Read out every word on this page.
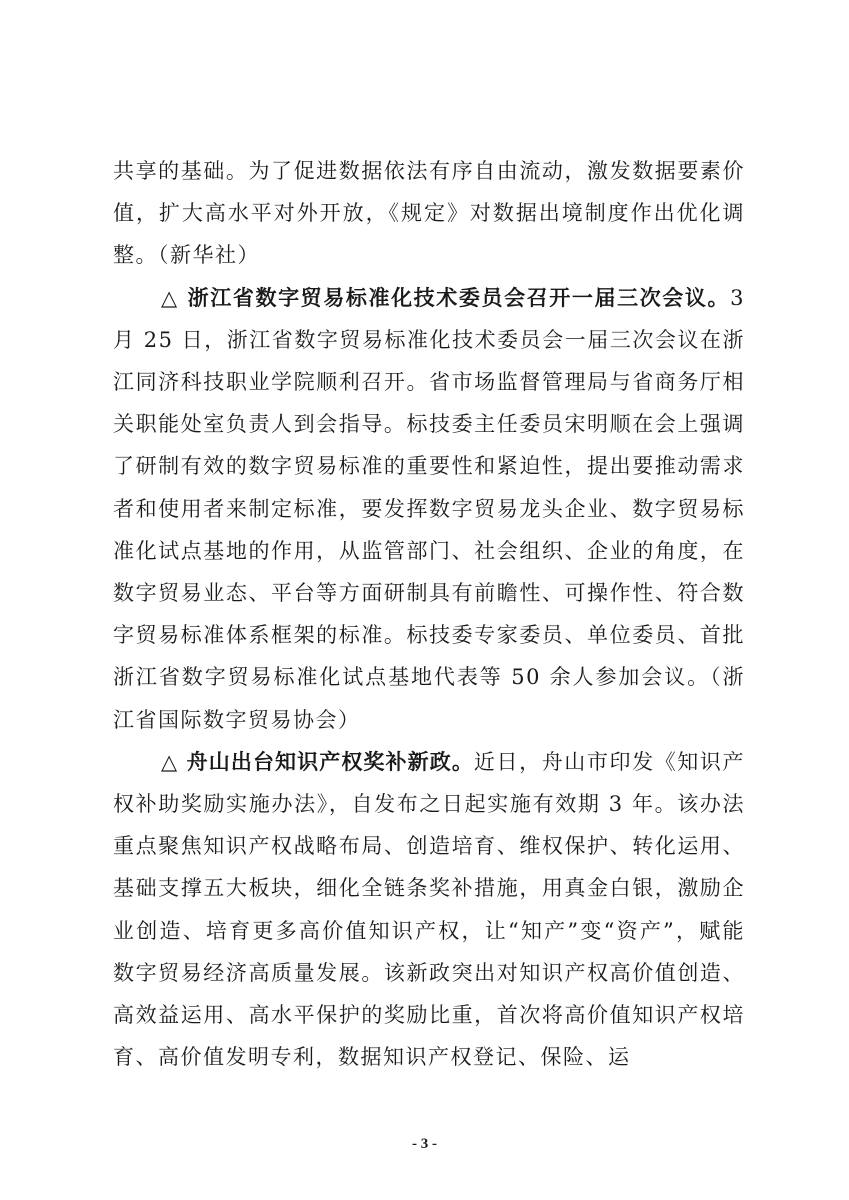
共享的基础。为了促进数据依法有序自由流动，激发数据要素价值，扩大高水平对外开放，《规定》对数据出境制度作出优化调整。（新华社）

△ 浙江省数字贸易标准化技术委员会召开一届三次会议。3 月 25 日，浙江省数字贸易标准化技术委员会一届三次会议在浙江同济科技职业学院顺利召开。省市场监督管理局与省商务厅相关职能处室负责人到会指导。标技委主任委员宋明顺在会上强调了研制有效的数字贸易标准的重要性和紧迫性，提出要推动需求者和使用者来制定标准，要发挥数字贸易龙头企业、数字贸易标准化试点基地的作用，从监管部门、社会组织、企业的角度，在数字贸易业态、平台等方面研制具有前瞻性、可操作性、符合数字贸易标准体系框架的标准。标技委专家委员、单位委员、首批浙江省数字贸易标准化试点基地代表等 50 余人参加会议。（浙江省国际数字贸易协会）

△ 舟山出台知识产权奖补新政。近日，舟山市印发《知识产权补助奖励实施办法》，自发布之日起实施有效期 3 年。该办法重点聚焦知识产权战略布局、创造培育、维权保护、转化运用、基础支撑五大板块，细化全链条奖补措施，用真金白银，激励企业创造、培育更多高价值知识产权，让“知产”变“资产”，赋能数字贸易经济高质量发展。该新政突出对知识产权高价值创造、高效益运用、高水平保护的奖励比重，首次将高价值知识产权培育、高价值发明专利，数据知识产权登记、保险、运

- 3 -
